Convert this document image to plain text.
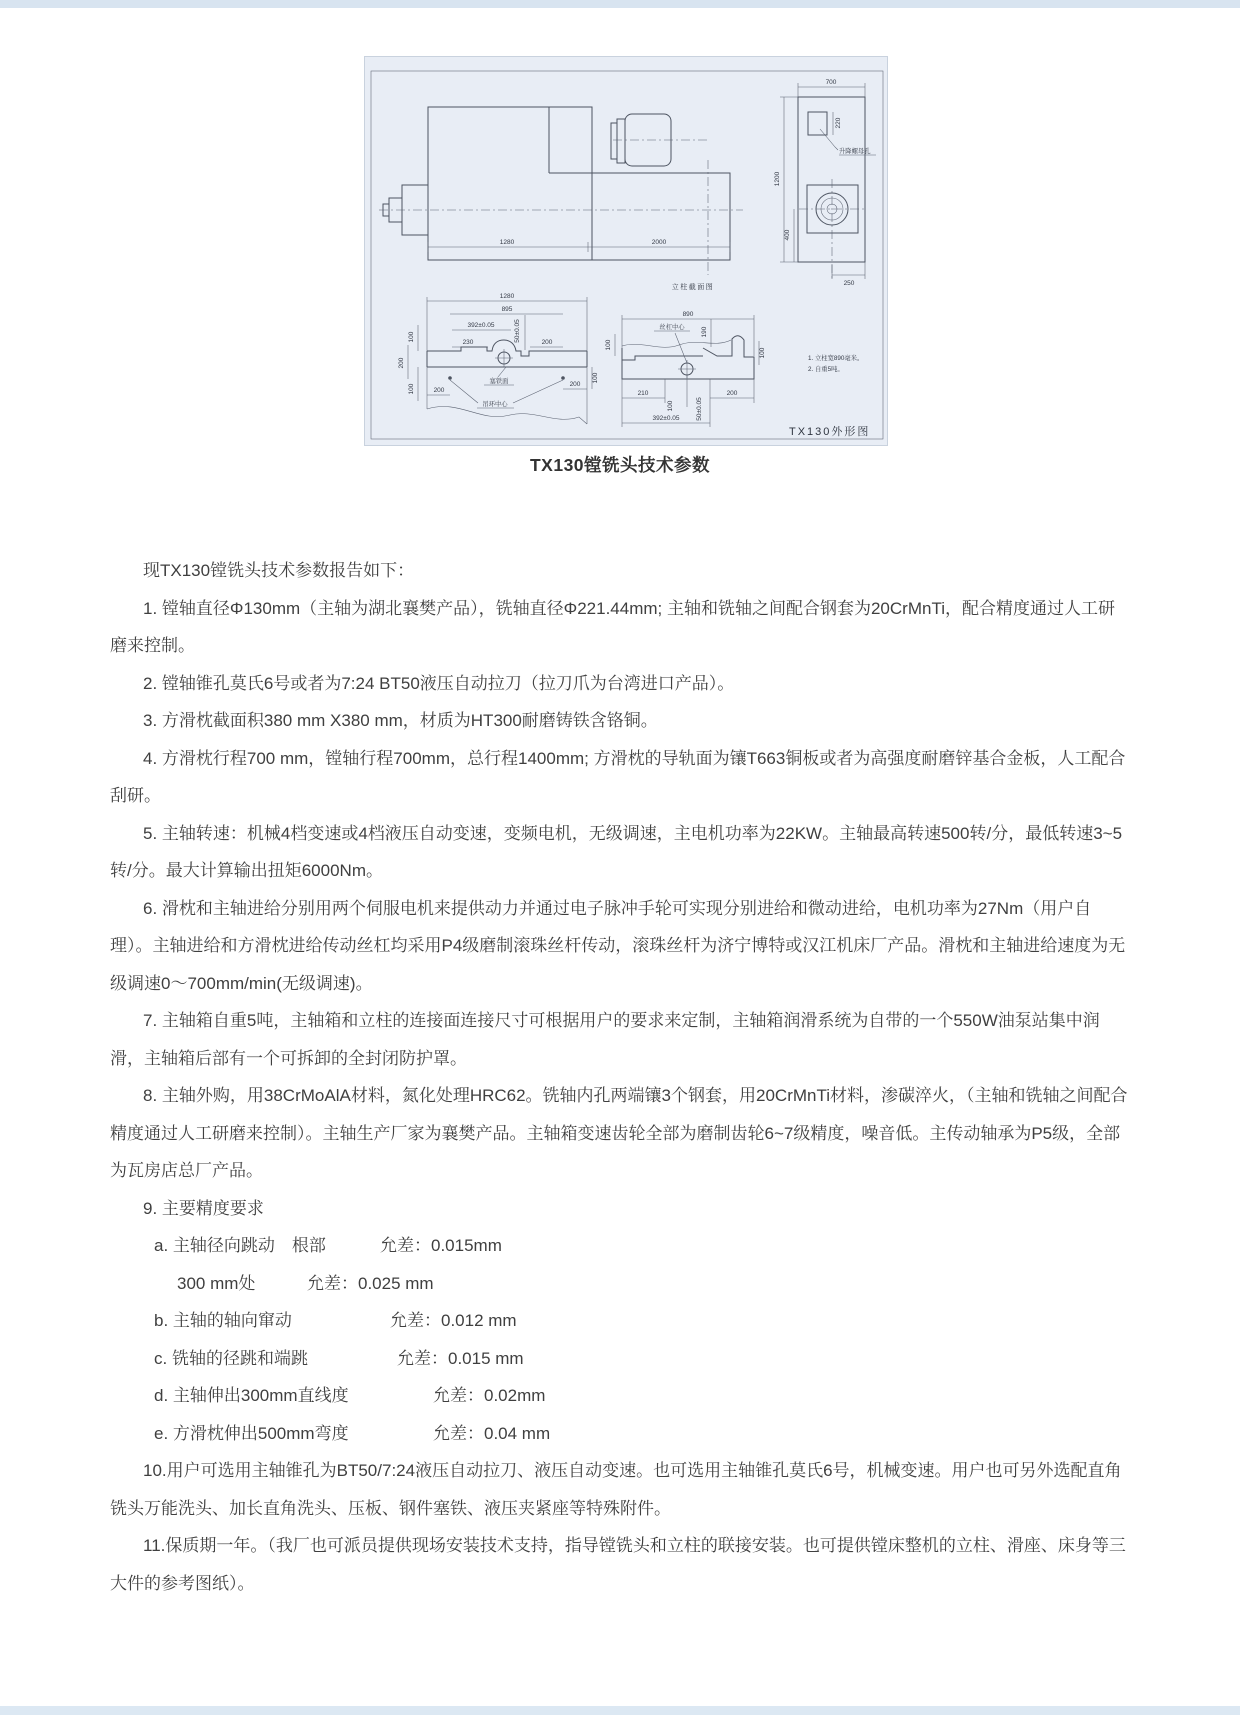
1280	2000
700
220
升降螺母孔
1200
400
250
立柱截面图
1280
895
392±0.05
230	50±0.05	200
100
200
100	200
200
100
塞铁面
吊环中心
890
丝杠中心	190
100
100
210
100	50±0.05
200
392±0.05
1. 立柱宽890毫米。
2. 自重5吨。
TX130外形图
TX130镗铣头技术参数

现TX130镗铣头技术参数报告如下：

1. 镗轴直径Φ130mm（主轴为湖北襄樊产品），铣轴直径Φ221.44mm; 主轴和铣轴之间配合钢套为20CrMnTi，配合精度通过人工研磨来控制。

2. 镗轴锥孔莫氏6号或者为7:24 BT50液压自动拉刀（拉刀爪为台湾进口产品）。

3. 方滑枕截面积380 mm X380 mm，材质为HT300耐磨铸铁含铬铜。

4. 方滑枕行程700 mm，镗轴行程700mm，总行程1400mm; 方滑枕的导轨面为镶T663铜板或者为高强度耐磨锌基合金板，人工配合刮研。

5. 主轴转速：机械4档变速或4档液压自动变速，变频电机，无级调速，主电机功率为22KW。主轴最高转速500转/分，最低转速3~5转/分。最大计算输出扭矩6000Nm。

6. 滑枕和主轴进给分别用两个伺服电机来提供动力并通过电子脉冲手轮可实现分别进给和微动进给，电机功率为27Nm（用户自理）。主轴进给和方滑枕进给传动丝杠均采用P4级磨制滚珠丝杆传动，滚珠丝杆为济宁博特或汉江机床厂产品。滑枕和主轴进给速度为无级调速0～700mm/min(无级调速)。

7. 主轴箱自重5吨，主轴箱和立柱的连接面连接尺寸可根据用户的要求来定制，主轴箱润滑系统为自带的一个550W油泵站集中润滑，主轴箱后部有一个可拆卸的全封闭防护罩。

8. 主轴外购，用38CrMoAlA材料，氮化处理HRC62。铣轴内孔两端镶3个钢套，用20CrMnTi材料，渗碳淬火，（主轴和铣轴之间配合精度通过人工研磨来控制）。主轴生产厂家为襄樊产品。主轴箱变速齿轮全部为磨制齿轮6~7级精度，噪音低。主传动轴承为P5级，全部为瓦房店总厂产品。

9. 主要精度要求

a. 主轴径向跳动　根部	允差：0.015mm
300 mm处	允差：0.025 mm
b. 主轴的轴向窜动	允差：0.012 mm
c. 铣轴的径跳和端跳	允差：0.015 mm
d. 主轴伸出300mm直线度	允差：0.02mm
e. 方滑枕伸出500mm弯度	允差：0.04 mm

10.用户可选用主轴锥孔为BT50/7:24液压自动拉刀、液压自动变速。也可选用主轴锥孔莫氏6号，机械变速。用户也可另外选配直角铣头万能洗头、加长直角洗头、压板、钢件塞铁、液压夹紧座等特殊附件。

11.保质期一年。（我厂也可派员提供现场安装技术支持，指导镗铣头和立柱的联接安装。也可提供镗床整机的立柱、滑座、床身等三大件的参考图纸）。
